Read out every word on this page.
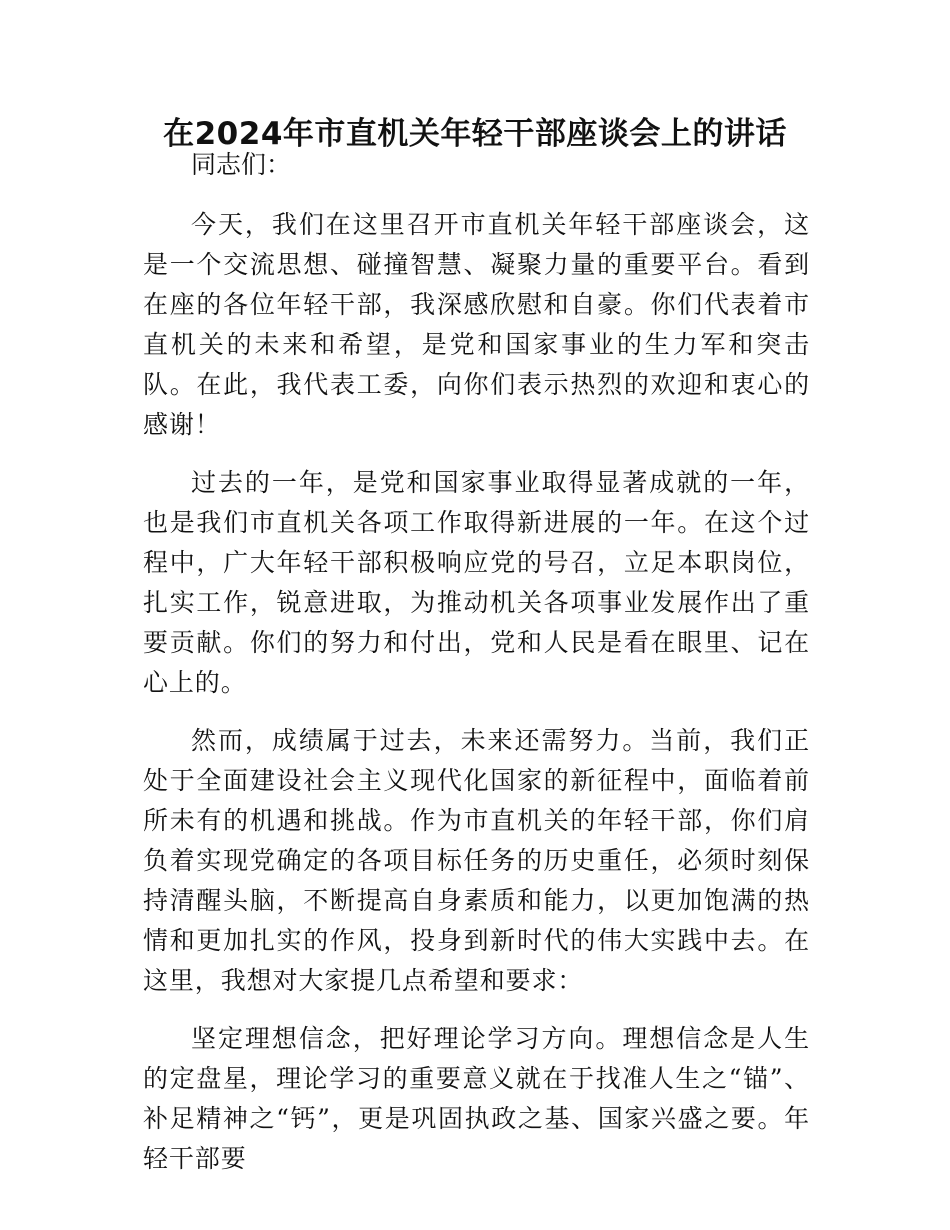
在2024年市直机关年轻干部座谈会上的讲话

同志们：

今天，我们在这里召开市直机关年轻干部座谈会，这是一个交流思想、碰撞智慧、凝聚力量的重要平台。看到在座的各位年轻干部，我深感欣慰和自豪。你们代表着市直机关的未来和希望，是党和国家事业的生力军和突击队。在此，我代表工委，向你们表示热烈的欢迎和衷心的感谢！

过去的一年，是党和国家事业取得显著成就的一年，也是我们市直机关各项工作取得新进展的一年。在这个过程中，广大年轻干部积极响应党的号召，立足本职岗位，扎实工作，锐意进取，为推动机关各项事业发展作出了重要贡献。你们的努力和付出，党和人民是看在眼里、记在心上的。

然而，成绩属于过去，未来还需努力。当前，我们正处于全面建设社会主义现代化国家的新征程中，面临着前所未有的机遇和挑战。作为市直机关的年轻干部，你们肩负着实现党确定的各项目标任务的历史重任，必须时刻保持清醒头脑，不断提高自身素质和能力，以更加饱满的热情和更加扎实的作风，投身到新时代的伟大实践中去。在这里，我想对大家提几点希望和要求：

坚定理想信念，把好理论学习方向。理想信念是人生的定盘星，理论学习的重要意义就在于找准人生之“锚”、补足精神之“钙”，更是巩固执政之基、国家兴盛之要。年轻干部要
